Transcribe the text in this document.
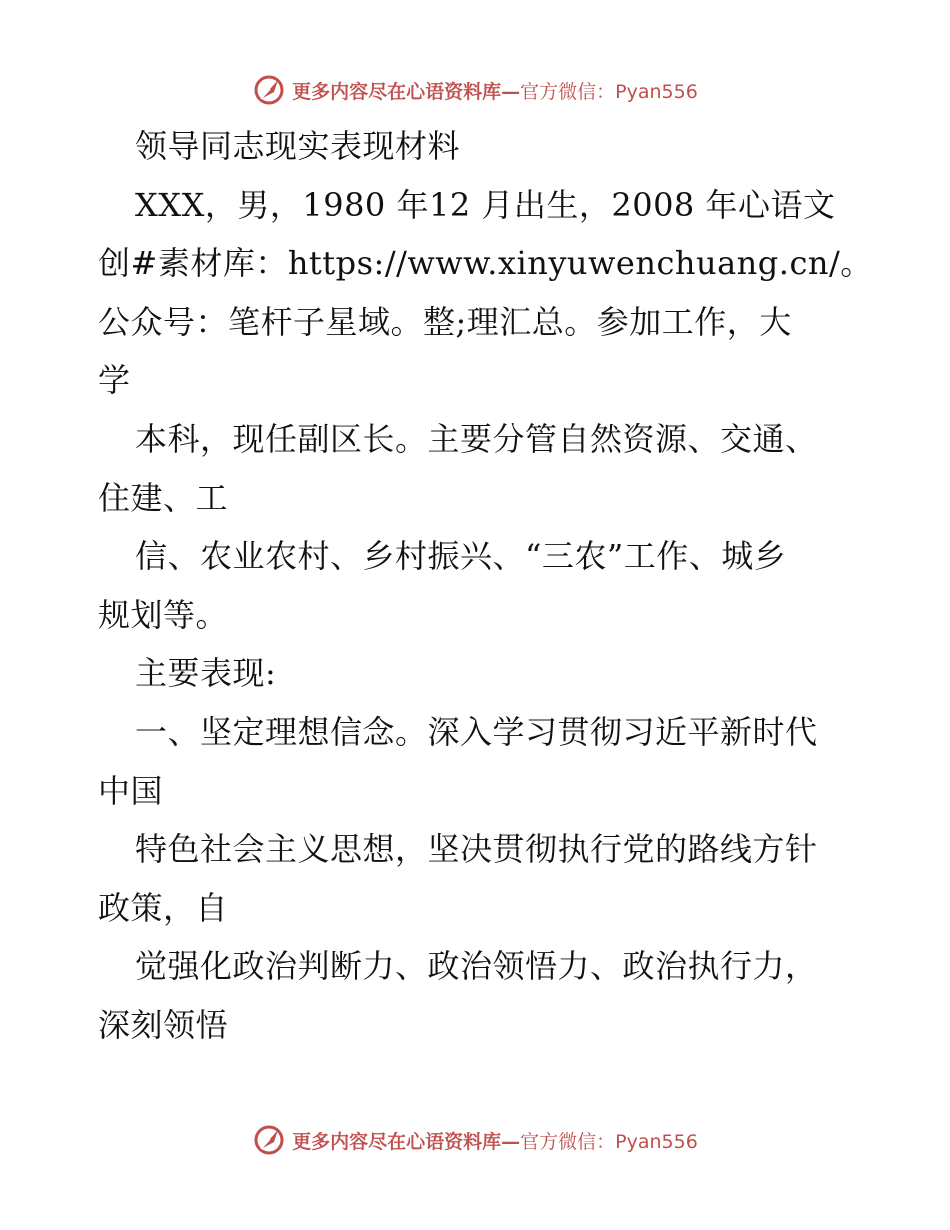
更多内容尽在心语资料库—官方微信：Pyan556
领导同志现实表现材料
XXX，男，1980 年12 月出生，2008 年心语文
创#素材库：https://www.xinyuwenchuang.cn/。
公众号：笔杆子星域。整;理汇总。参加工作，大
学
本科，现任副区长。主要分管自然资源、交通、
住建、工
信、农业农村、乡村振兴、“三农”工作、城乡
规划等。
主要表现:
一、坚定理想信念。深入学习贯彻习近平新时代
中国
特色社会主义思想，坚决贯彻执行党的路线方针
政策，自
觉强化政治判断力、政治领悟力、政治执行力，
深刻领悟
更多内容尽在心语资料库—官方微信：Pyan556
